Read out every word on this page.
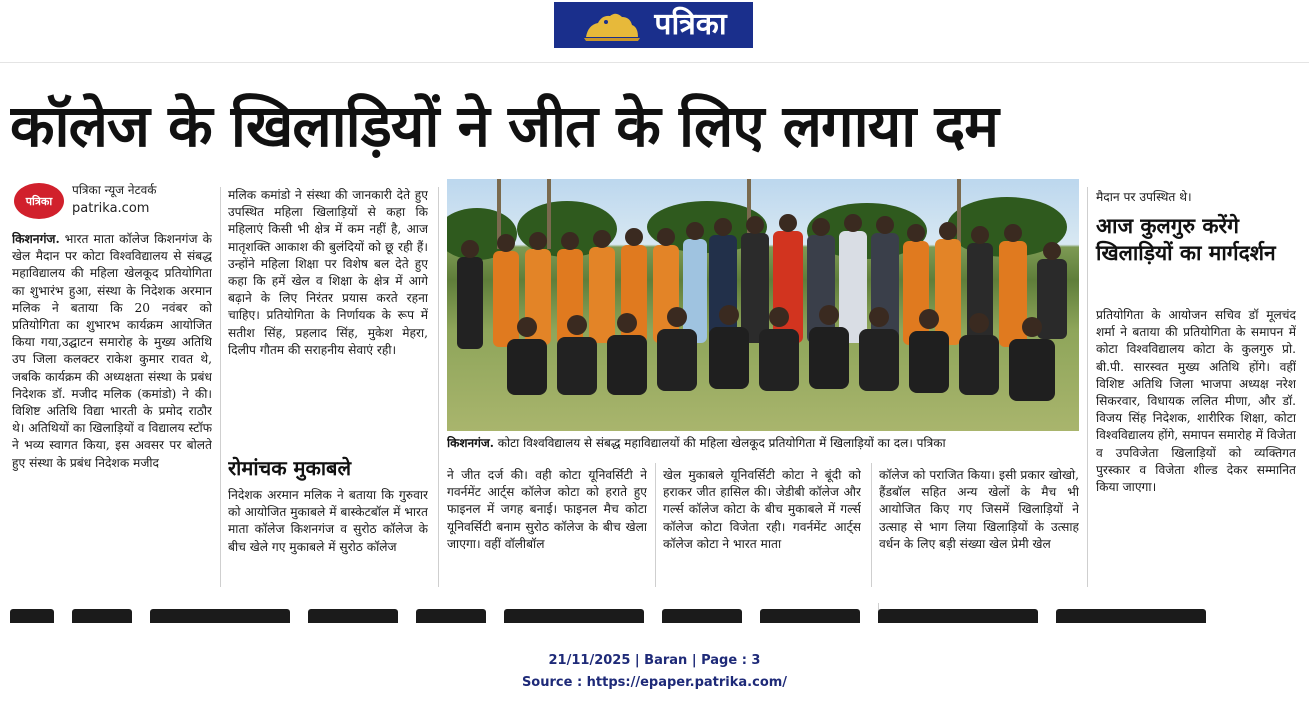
पत्रिका
कॉलेज के खिलाड़ियों ने जीत के लिए लगाया दम
पत्रिका
पत्रिका न्यूज नेटवर्क
patrika.com
किशनगंज. भारत माता कॉलेज किशनगंज के खेल मैदान पर कोटा विश्वविद्यालय से संबद्ध महाविद्यालय की महिला खेलकूद प्रतियोगिता का शुभारंभ हुआ, संस्था के निदेशक अरमान मलिक ने बताया कि 20 नवंबर को प्रतियोगिता का शुभारभ कार्यक्रम आयोजित किया गया,उद्घाटन समारोह के मुख्य अतिथि उप जिला कलक्टर राकेश कुमार रावत थे, जबकि कार्यक्रम की अध्यक्षता संस्था के प्रबंध निदेशक डॉ. मजीद मलिक (कमांडो) ने की। विशिष्ट अतिथि विद्या भारती के प्रमोद राठौर थे। अतिथियों का खिलाड़ियों व विद्यालय स्टॉफ ने भव्य स्वागत किया, इस अवसर पर बोलते हुए संस्था के प्रबंध निदेशक मजीद
मलिक कमांडो ने संस्था की जानकारी देते हुए उपस्थित महिला खिलाड़ियों से कहा कि महिलाएं किसी भी क्षेत्र में कम नहीं है, आज मातृशक्ति आकाश की बुलंदियों को छू रही हैं। उन्होंने महिला शिक्षा पर विशेष बल देते हुए कहा कि हमें खेल व शिक्षा के क्षेत्र में आगे बढ़ाने के लिए निरंतर प्रयास करते रहना चाहिए। प्रतियोगिता के निर्णायक के रूप में सतीश सिंह, प्रहलाद सिंह, मुकेश मेहरा, दिलीप गौतम की सराहनीय सेवाएं रही।
रोमांचक मुकाबले
निदेशक अरमान मलिक ने बताया कि गुरुवार को आयोजित मुकाबले में बास्केटबॉल में भारत माता कॉलेज किशनगंज व सुरोठ कॉलेज के बीच खेले गए मुकाबले में सुरोठ कॉलेज
किशनगंज. कोटा विश्वविद्यालय से संबद्ध महाविद्यालयों की महिला खेलकूद प्रतियोगिता में खिलाड़ियों का दल। पत्रिका
ने जीत दर्ज की। वही कोटा यूनिवर्सिटी ने गवर्नमेंट आर्ट्स कॉलेज कोटा को हराते हुए फाइनल में जगह बनाई। फाइनल मैच कोटा यूनिवर्सिटी बनाम सुरोठ कॉलेज के बीच खेला जाएगा। वहीं वॉलीबॉल
खेल मुकाबले यूनिवर्सिटी कोटा ने बूंदी को हराकर जीत हासिल की। जेडीबी कॉलेज और गर्ल्स कॉलेज कोटा के बीच मुकाबले में गर्ल्स कॉलेज कोटा विजेता रही। गवर्नमेंट आर्ट्स कॉलेज कोटा ने भारत माता
कॉलेज को पराजित किया। इसी प्रकार खोखो, हैंडबॉल सहित अन्य खेलों के मैच भी आयोजित किए गए जिसमें खिलाड़ियों ने उत्साह से भाग लिया खिलाड़ियों के उत्साह वर्धन के लिए बड़ी संख्या खेल प्रेमी खेल
मैदान पर उपस्थित थे।
आज कुलगुरु करेंगे खिलाड़ियों का मार्गदर्शन
प्रतियोगिता के आयोजन सचिव डॉ मूलचंद शर्मा ने बताया की प्रतियोगिता के समापन में कोटा विश्वविद्यालय कोटा के कुलगुरु प्रो. बी.पी. सारस्वत मुख्य अतिथि होंगे। वहीं विशिष्ट अतिथि जिला भाजपा अध्यक्ष नरेश सिकरवार, विधायक ललित मीणा, और डॉ. विजय सिंह निदेशक, शारीरिक शिक्षा, कोटा विश्वविद्यालय होंगे, समापन समारोह में विजेता व उपविजेता खिलाड़ियों को व्यक्तिगत पुरस्कार व विजेता शील्ड देकर सम्मानित किया जाएगा।
21/11/2025 | Baran | Page : 3
Source : https://epaper.patrika.com/
